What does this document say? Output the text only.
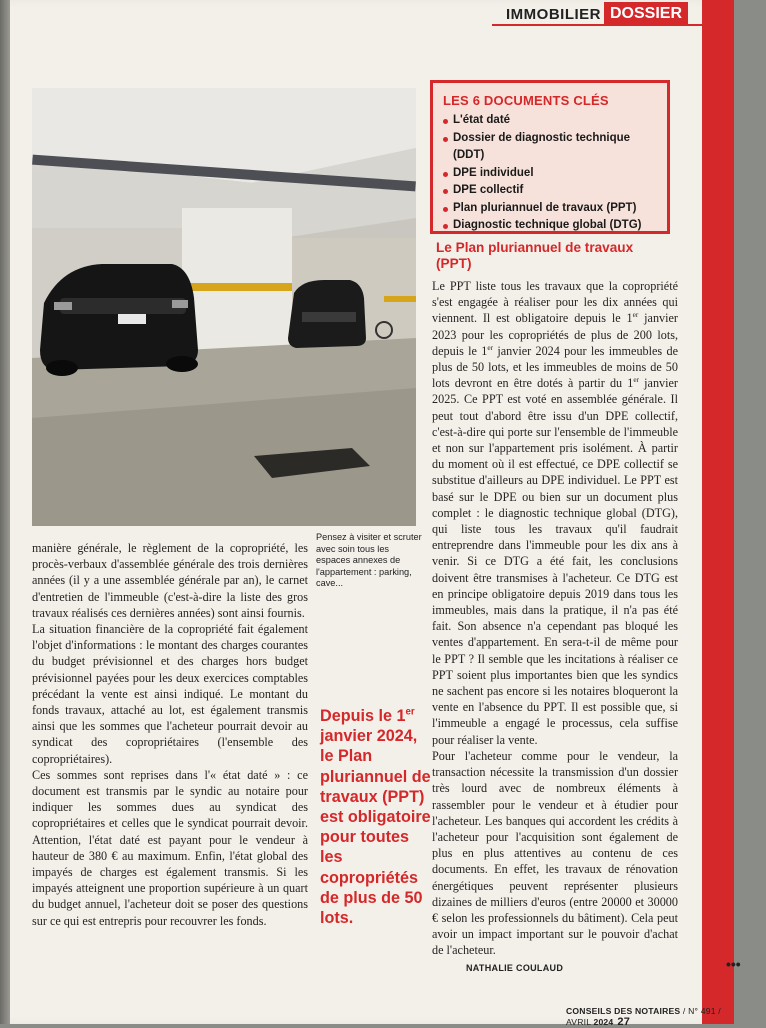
IMMOBILIER DOSSIER
LES 6 DOCUMENTS CLÉS
L'état daté
Dossier de diagnostic technique (DDT)
DPE individuel
DPE collectif
Plan pluriannuel de travaux (PPT)
Diagnostic technique global (DTG)
Le Plan pluriannuel de travaux (PPT)

Le PPT liste tous les travaux que la copropriété s'est engagée à réaliser pour les dix années qui viennent. Il est obligatoire depuis le 1er janvier 2023 pour les copropriétés de plus de 200 lots, depuis le 1er janvier 2024 pour les immeubles de plus de 50 lots, et les immeubles de moins de 50 lots devront en être dotés à partir du 1er janvier 2025. Ce PPT est voté en assemblée générale. Il peut tout d'abord être issu d'un DPE collectif, c'est-à-dire qui porte sur l'ensemble de l'immeuble et non sur l'appartement pris isolément. À partir du moment où il est effectué, ce DPE collectif se substitue d'ailleurs au DPE individuel. Le PPT est basé sur le DPE ou bien sur un document plus complet : le diagnostic technique global (DTG), qui liste tous les travaux qu'il faudrait entreprendre dans l'immeuble pour les dix ans à venir. Si ce DTG a été fait, les conclusions doivent être transmises à l'acheteur. Ce DTG est en principe obligatoire depuis 2019 dans tous les immeubles, mais dans la pratique, il n'a pas été fait. Son absence n'a cependant pas bloqué les ventes d'appartement. En sera-t-il de même pour le PPT ? Il semble que les incitations à réaliser ce PPT soient plus importantes bien que les syndics ne sachent pas encore si les notaires bloqueront la vente en l'absence du PPT. Il est possible que, si l'immeuble a engagé le processus, cela suffise pour réaliser la vente.

Pour l'acheteur comme pour le vendeur, la transaction nécessite la transmission d'un dossier très lourd avec de nombreux éléments à rassembler pour le vendeur et à étudier pour l'acheteur. Les banques qui accordent les crédits à l'acheteur pour l'acquisition sont également de plus en plus attentives au contenu de ces documents. En effet, les travaux de rénovation énergétiques peuvent représenter plusieurs dizaines de milliers d'euros (entre 20000 et 30000 € selon les professionnels du bâtiment). Cela peut avoir un impact important sur le pouvoir d'achat de l'acheteur.

manière générale, le règlement de la copropriété, les procès-verbaux d'assemblée générale des trois dernières années (il y a une assemblée générale par an), le carnet d'entretien de l'immeuble (c'est-à-dire la liste des gros travaux réalisés ces dernières années) sont ainsi fournis.

La situation financière de la copropriété fait également l'objet d'informations : le montant des charges courantes du budget prévisionnel et des charges hors budget prévisionnel payées pour les deux exercices comptables précédant la vente est ainsi indiqué. Le montant du fonds travaux, attaché au lot, est également transmis ainsi que les sommes que l'acheteur pourrait devoir au syndicat des copropriétaires (l'ensemble des copropriétaires).

Ces sommes sont reprises dans l'« état daté » : ce document est transmis par le syndic au notaire pour indiquer les sommes dues au syndicat des copropriétaires et celles que le syndicat pourrait devoir. Attention, l'état daté est payant pour le vendeur à hauteur de 380 € au maximum. Enfin, l'état global des impayés de charges est également transmis. Si les impayés atteignent une proportion supérieure à un quart du budget annuel, l'acheteur doit se poser des questions sur ce qui est entrepris pour recouvrer les fonds.

Pensez à visiter et scruter avec soin tous les espaces annexes de l'appartement : parking, cave...
Depuis le 1er janvier 2024, le Plan pluriannuel de travaux (PPT) est obligatoire pour toutes les copropriétés de plus de 50 lots.
NATHALIE COULAUD	•••
CONSEILS DES NOTAIRES / N° 491 / AVRIL 2024 27
